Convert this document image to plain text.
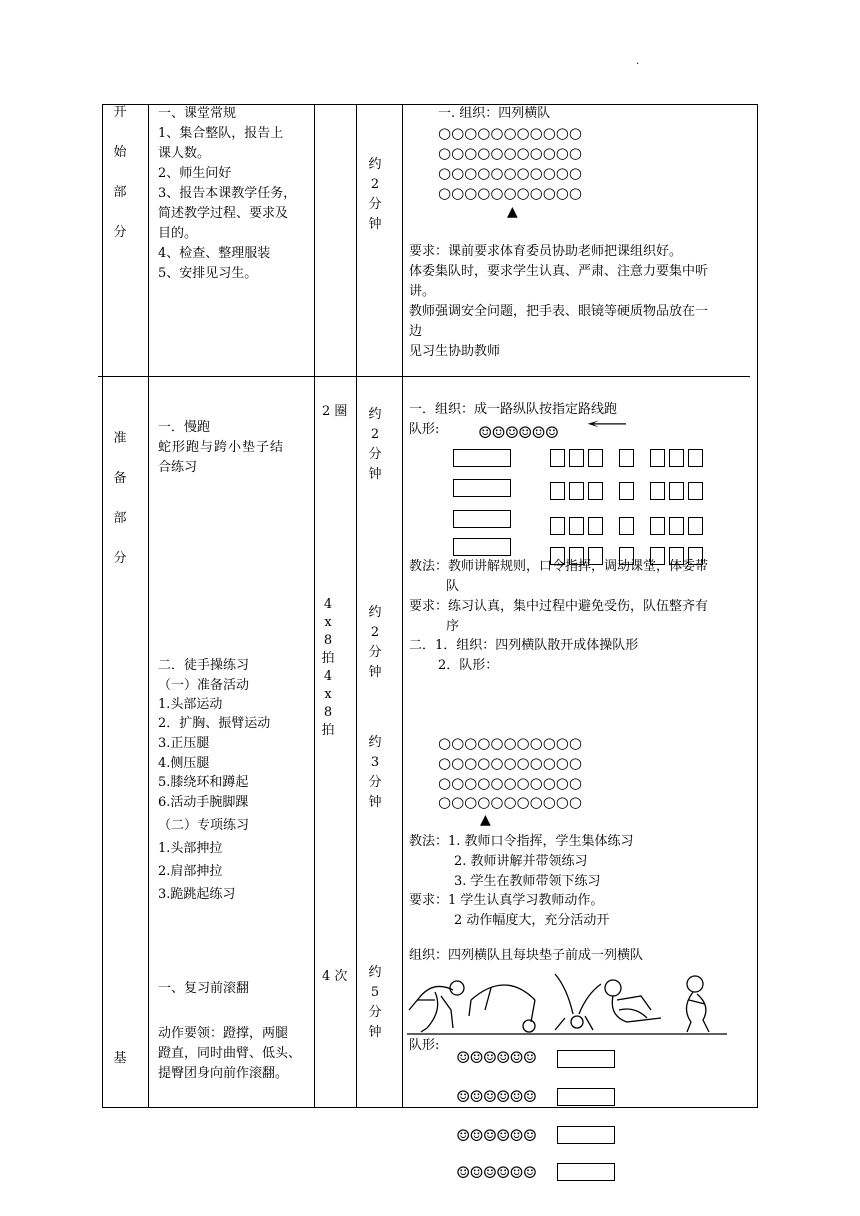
.
开
始
部
分
准
备
部
分
基
一、课堂常规
1、集合整队，报告上
课人数。
2、师生问好
3、报告本课教学任务，
简述教学过程、要求及
目的。
4、检查、整理服装
5、安排见习生。
约
2
分
钟
一. 组织：四列横队
○○○○○○○○○○○
○○○○○○○○○○○
○○○○○○○○○○○
○○○○○○○○○○○
▲
要求：课前要求体育委员协助老师把课组织好。
体委集队时，要求学生认真、严肃、注意力要集中听
讲。
教师强调安全问题，把手表、眼镜等硬质物品放在一
边
见习生协助教师
一．慢跑
蛇形跑与跨小垫子结
合练习
2 圈 约
2
分
钟
一．组织：成一路纵队按指定路线跑
队形: ☺☺☺☺☺☺ ←
教法：教师讲解规则，口令指挥，调动课堂，体委带
队
要求：练习认真，集中过程中避免受伤，队伍整齐有
序
二．1．组织：四列横队散开成体操队形
2．队形：
4
x
8
拍
4
x
8
拍
约
2
分
钟
约
3
分
钟
二．徒手操练习
（一）准备活动
1.头部运动
2．扩胸、振臂运动
3.正压腿
4.侧压腿
5.膝绕环和蹲起
6.活动手腕脚踝
（二）专项练习
1.头部抻拉
2.肩部抻拉
3.跪跳起练习
○○○○○○○○○○○
○○○○○○○○○○○
○○○○○○○○○○○
○○○○○○○○○○○
▲
教法：1. 教师口令指挥，学生集体练习
2. 教师讲解并带领练习
3. 学生在教师带领下练习
要求：1 学生认真学习教师动作。
2 动作幅度大，充分活动开
一、复习前滚翻
4 次 约
5
分
钟
动作要领：蹬撑，两腿
蹬直，同时曲臂、低头、
提臀团身向前作滚翻。
组织：四列横队且每块垫子前成一列横队
队形:
☺☺☺☺☺☺
☺☺☺☺☺☺
☺☺☺☺☺☺
☺☺☺☺☺☺
